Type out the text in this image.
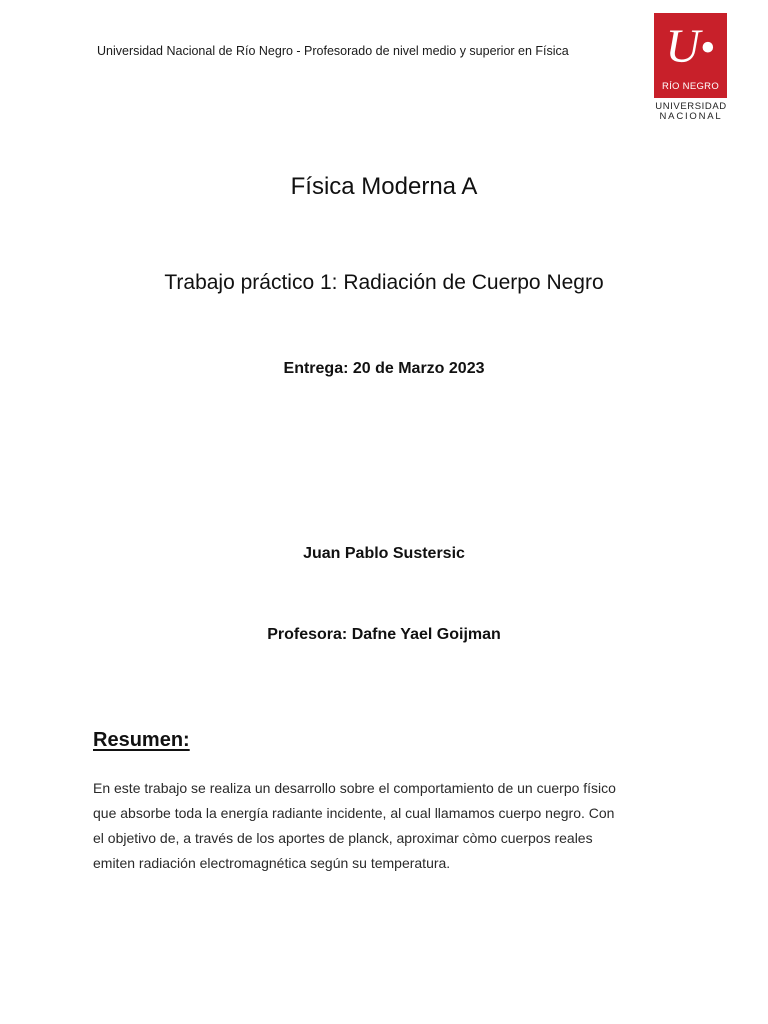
Universidad Nacional de Río Negro - Profesorado de nivel medio y superior en Física U•
RÍO NEGRO
UNIVERSIDAD
NACIONAL
Física Moderna A
Trabajo práctico 1: Radiación de Cuerpo Negro
Entrega: 20 de Marzo 2023
Juan Pablo Sustersic
Profesora: Dafne Yael Goijman
Resumen:
En este trabajo se realiza un desarrollo sobre el comportamiento de un cuerpo físico
que absorbe toda la energía radiante incidente, al cual llamamos cuerpo negro. Con
el objetivo de, a través de los aportes de planck, aproximar còmo cuerpos reales
emiten radiación electromagnética según su temperatura.
